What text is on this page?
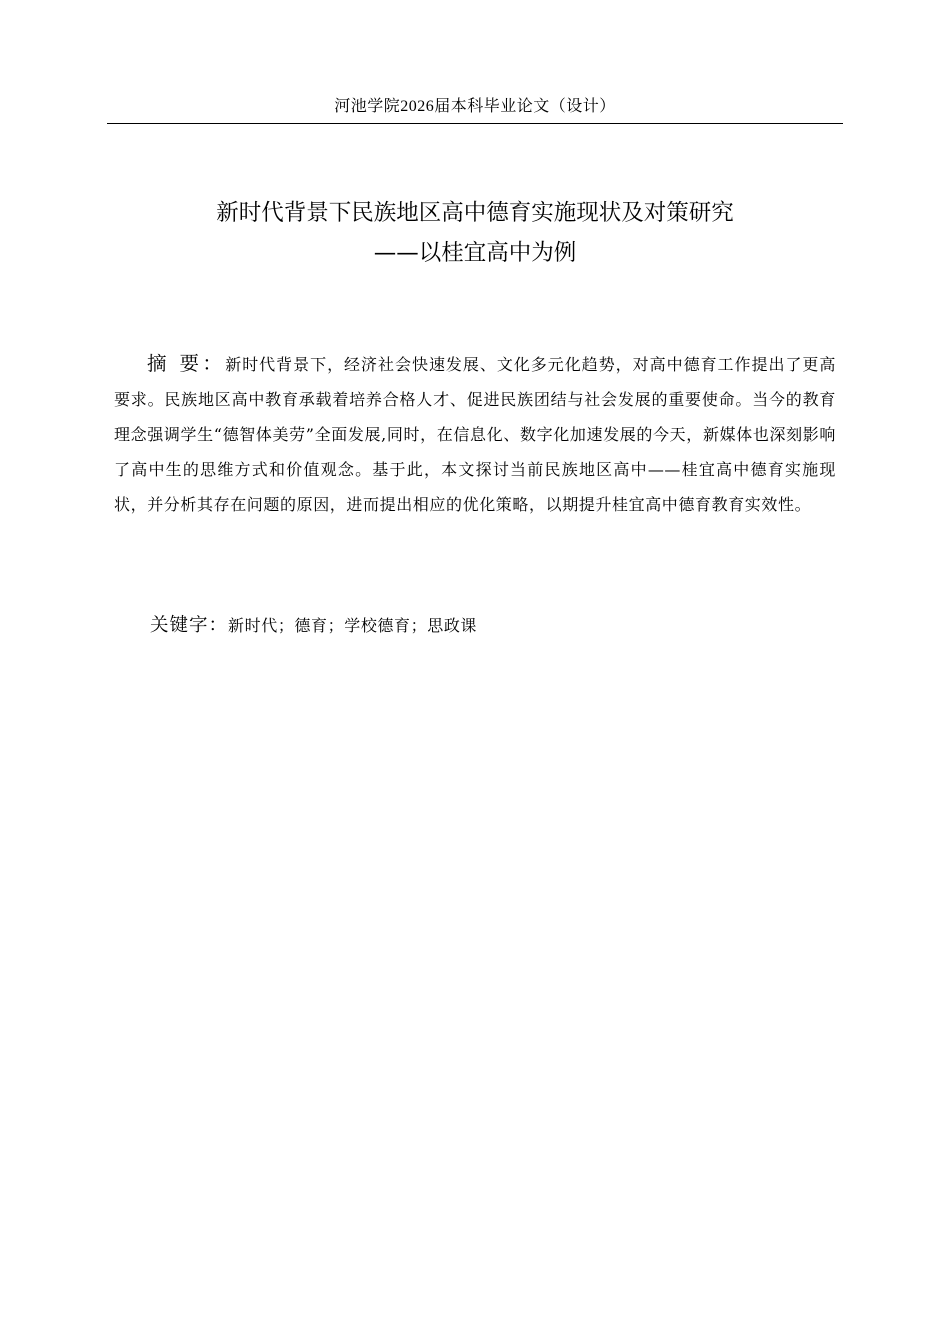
河池学院2026届本科毕业论文（设计）
新时代背景下民族地区高中德育实施现状及对策研究
——以桂宜高中为例

摘 要：新时代背景下，经济社会快速发展、文化多元化趋势，对高中德育工作提出了更高要求。民族地区高中教育承载着培养合格人才、促进民族团结与社会发展的重要使命。当今的教育理念强调学生“德智体美劳”全面发展,同时，在信息化、数字化加速发展的今天，新媒体也深刻影响了高中生的思维方式和价值观念。基于此，本文探讨当前民族地区高中——桂宜高中德育实施现状，并分析其存在问题的原因，进而提出相应的优化策略，以期提升桂宜高中德育教育实效性。

关键字：新时代；德育；学校德育；思政课
